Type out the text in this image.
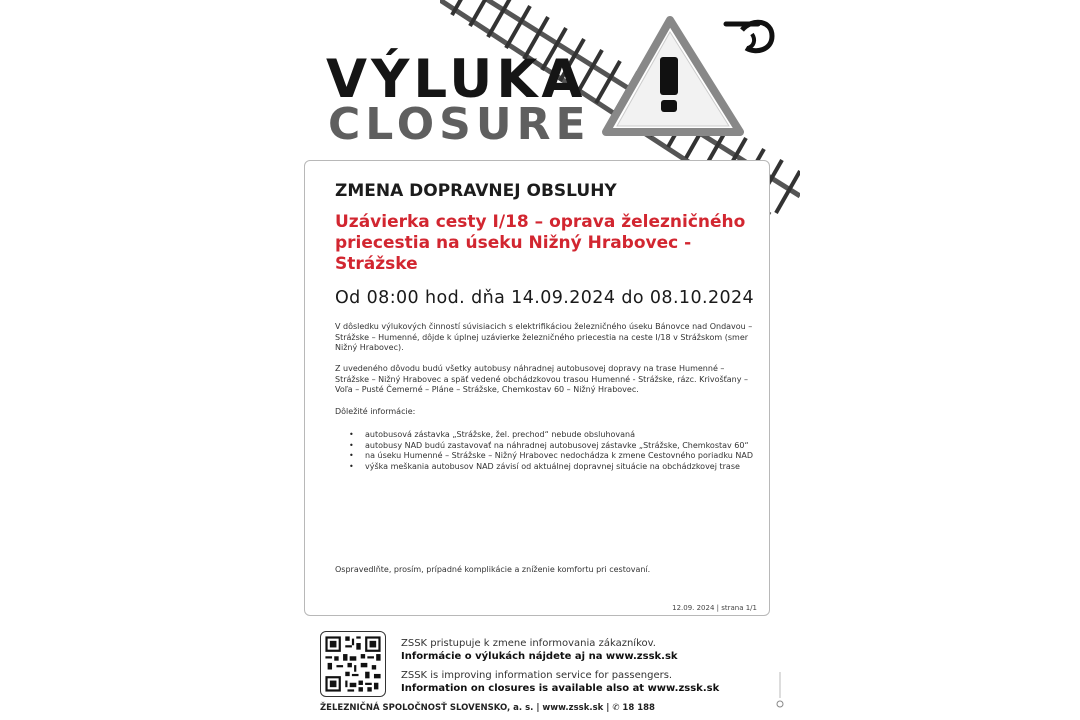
VÝLUKA
CLOSURE

ZMENA DOPRAVNEJ OBSLUHY

Uzávierka cesty I/18 – oprava železničného priecestia na úseku Nižný Hrabovec - Strážske

Od 08:00 hod. dňa 14.09.2024 do 08.10.2024

V dôsledku výlukových činností súvisiacich s elektrifikáciou železničného úseku Bánovce nad Ondavou – Strážske – Humenné, dôjde k úplnej uzávierke železničného priecestia na ceste I/18 v Strážskom (smer Nižný Hrabovec).

Z uvedeného dôvodu budú všetky autobusy náhradnej autobusovej dopravy na trase Humenné – Strážske – Nižný Hrabovec a späť vedené obchádzkovou trasou Humenné - Strážske, rázc. Krivošťany – Voľa – Pusté Čemerné – Pláne – Strážske, Chemkostav 60 – Nižný Hrabovec.

Dôležité informácie:

• autobusová zástavka „Strážske, žel. prechod“ nebude obsluhovaná
• autobusy NAD budú zastavovať na náhradnej autobusovej zástavke „Strážske, Chemkostav 60“
• na úseku Humenné – Strážske – Nižný Hrabovec nedochádza k zmene Cestovného poriadku NAD
• výška meškania autobusov NAD závisí od aktuálnej dopravnej situácie na obchádzkovej trase

Ospravedlňte, prosím, prípadné komplikácie a zníženie komfortu pri cestovaní.

12.09. 2024 | strana 1/1

ZSSK pristupuje k zmene informovania zákazníkov.

Informácie o výlukách nájdete aj na www.zssk.sk

ZSSK is improving information service for passengers.

Information on closures is available also at www.zssk.sk

ŽELEZNIČNÁ SPOLOČNOSŤ SLOVENSKO, a. s. | www.zssk.sk | ✆ 18 188
